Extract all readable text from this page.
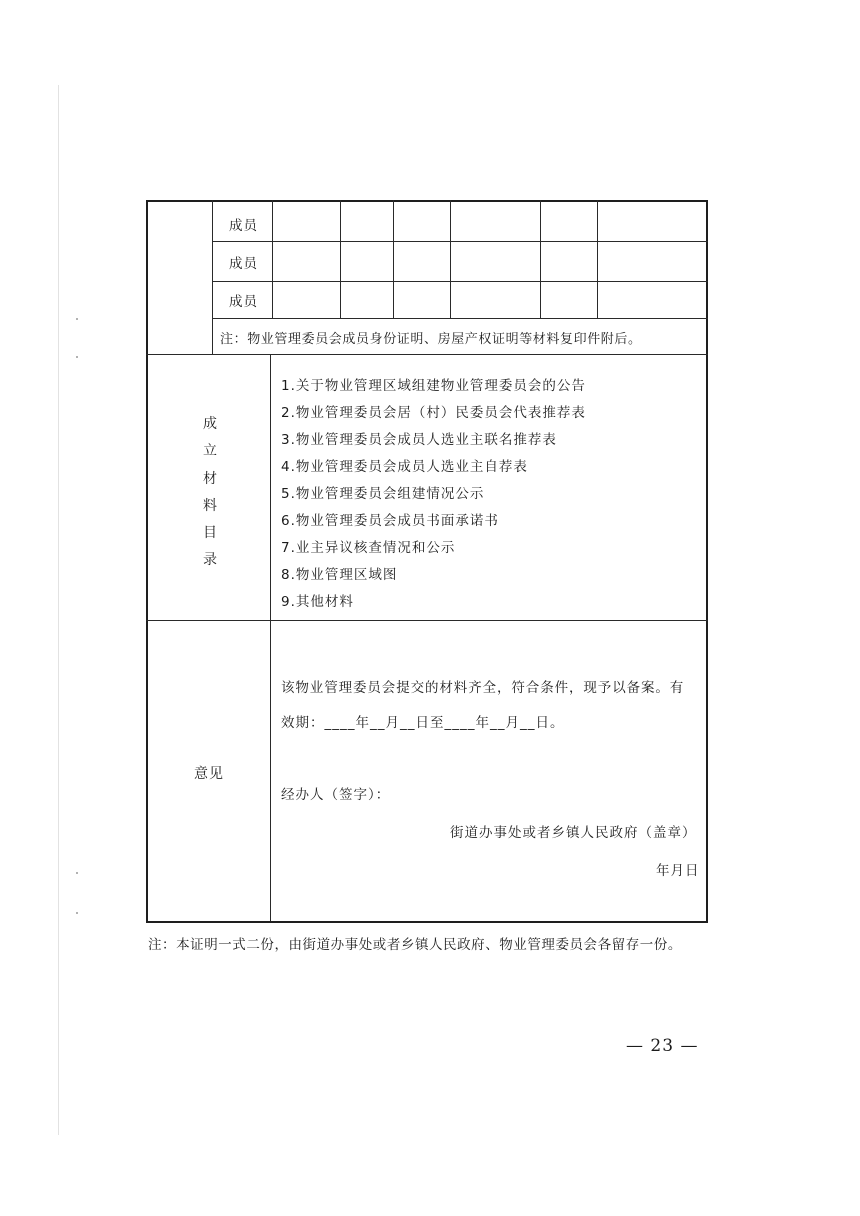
成员
成员
成员
注：物业管理委员会成员身份证明、房屋产权证明等材料复印件附后。
成
立
材
料
目
录
1.关于物业管理区域组建物业管理委员会的公告
2.物业管理委员会居（村）民委员会代表推荐表
3.物业管理委员会成员人选业主联名推荐表
4.物业管理委员会成员人选业主自荐表
5.物业管理委员会组建情况公示
6.物业管理委员会成员书面承诺书
7.业主异议核查情况和公示
8.物业管理区域图
9.其他材料
意见
该物业管理委员会提交的材料齐全，符合条件，现予以备案。有
效期：____年__月__日至____年__月__日。
经办人（签字）：
街道办事处或者乡镇人民政府（盖章）
年月日
注：本证明一式二份，由街道办事处或者乡镇人民政府、物业管理委员会各留存一份。
— 23 —
